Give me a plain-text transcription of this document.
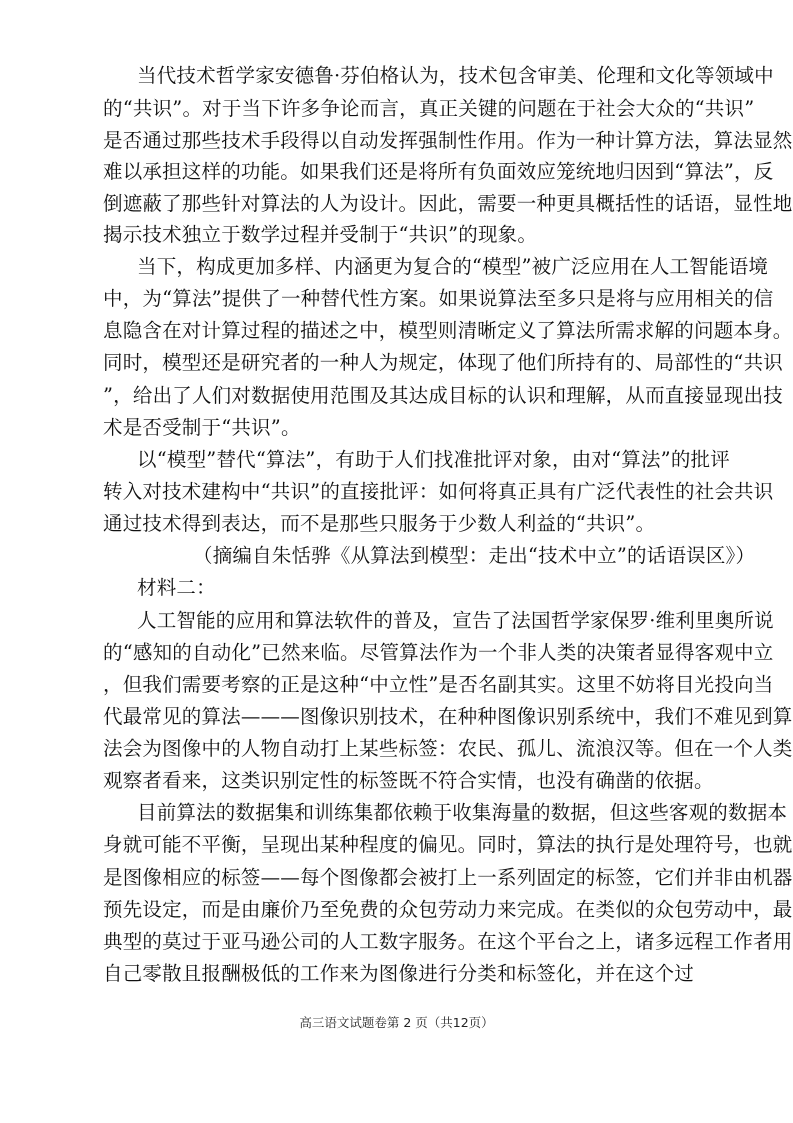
当代技术哲学家安德鲁·芬伯格认为，技术包含审美、伦理和文化等领域中
的“共识”。对于当下许多争论而言，真正关键的问题在于社会大众的“共识”
是否通过那些技术手段得以自动发挥强制性作用。作为一种计算方法，算法显然
难以承担这样的功能。如果我们还是将所有负面效应笼统地归因到“算法”，反
倒遮蔽了那些针对算法的人为设计。因此，需要一种更具概括性的话语，显性地
揭示技术独立于数学过程并受制于“共识”的现象。
当下，构成更加多样、内涵更为复合的“模型”被广泛应用在人工智能语境
中，为“算法”提供了一种替代性方案。如果说算法至多只是将与应用相关的信
息隐含在对计算过程的描述之中，模型则清晰定义了算法所需求解的问题本身。
同时，模型还是研究者的一种人为规定，体现了他们所持有的、局部性的“共识
”，给出了人们对数据使用范围及其达成目标的认识和理解，从而直接显现出技
术是否受制于“共识”。
以“模型”替代“算法”，有助于人们找准批评对象，由对“算法”的批评
转入对技术建构中“共识”的直接批评：如何将真正具有广泛代表性的社会共识
通过技术得到表达，而不是那些只服务于少数人利益的“共识”。
（摘编自朱恬骅《从算法到模型：走出“技术中立”的话语误区》）
材料二：
人工智能的应用和算法软件的普及，宣告了法国哲学家保罗·维利里奥所说
的“感知的自动化”已然来临。尽管算法作为一个非人类的决策者显得客观中立
，但我们需要考察的正是这种“中立性”是否名副其实。这里不妨将目光投向当
代最常见的算法———图像识别技术，在种种图像识别系统中，我们不难见到算
法会为图像中的人物自动打上某些标签：农民、孤儿、流浪汉等。但在一个人类
观察者看来，这类识别定性的标签既不符合实情，也没有确凿的依据。
目前算法的数据集和训练集都依赖于收集海量的数据，但这些客观的数据本
身就可能不平衡，呈现出某种程度的偏见。同时，算法的执行是处理符号，也就
是图像相应的标签——每个图像都会被打上一系列固定的标签，它们并非由机器
预先设定，而是由廉价乃至免费的众包劳动力来完成。在类似的众包劳动中，最
典型的莫过于亚马逊公司的人工数字服务。在这个平台之上，诸多远程工作者用
自己零散且报酬极低的工作来为图像进行分类和标签化，并在这个过
高三语文试题卷第 2 页（共12页）
